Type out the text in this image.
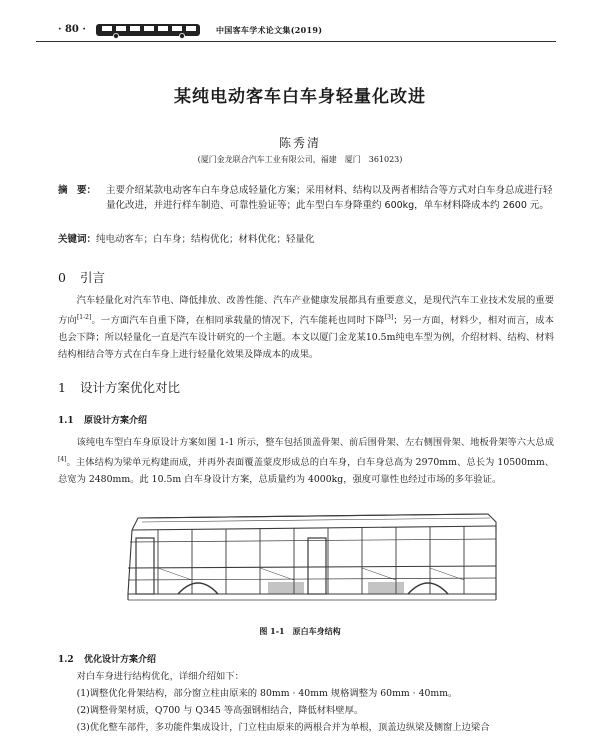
· 80 ·	中国客车学术论文集(2019)
某纯电动客车白车身轻量化改进
陈秀清
(厦门金龙联合汽车工业有限公司，福建　厦门　361023)
摘　要： 主要介绍某款电动客车白车身总成轻量化方案；采用材料、结构以及两者相结合等方式对白车身总成进行轻量化改进，并进行样车制造、可靠性验证等；此车型白车身降重约 600kg，单车材料降成本约 2600 元。
关键词：纯电动客车；白车身；结构优化；材料优化；轻量化
0 引言
汽车轻量化对汽车节电、降低排放、改善性能、汽车产业健康发展都具有重要意义，是现代汽车工业技术发展的重要方向[1-2]。一方面汽车自重下降，在相同承载量的情况下，汽车能耗也同时下降[3]；另一方面，材料少，相对而言，成本也会下降；所以轻量化一直是汽车设计研究的一个主题。本文以厦门金龙某10.5m纯电车型为例，介绍材料、结构、材料结构相结合等方式在白车身上进行轻量化效果及降成本的成果。
1 设计方案优化对比
1.1 原设计方案介绍
该纯电车型白车身原设计方案如图 1-1 所示，整车包括顶盖骨架、前后围骨架、左右侧围骨架、地板骨架等六大总成[4]。主体结构为梁单元构建而成，并再外表面覆盖蒙皮形成总的白车身，白车身总高为 2970mm、总长为 10500mm、总宽为 2480mm。此 10.5m 白车身设计方案，总质量约为 4000kg，强度可靠性也经过市场的多年验证。
图 1-1　原白车身结构
1.2 优化设计方案介绍
对白车身进行结构优化，详细介绍如下：
(1)调整优化骨架结构，部分窗立柱由原来的 80mm · 40mm 规格调整为 60mm · 40mm。
(2)调整骨架材质，Q700 与 Q345 等高强钢相结合，降低材料壁厚。
(3)优化整车部件，多功能件集成设计，门立柱由原来的两根合并为单根，顶盖边纵梁及侧窗上边梁合
